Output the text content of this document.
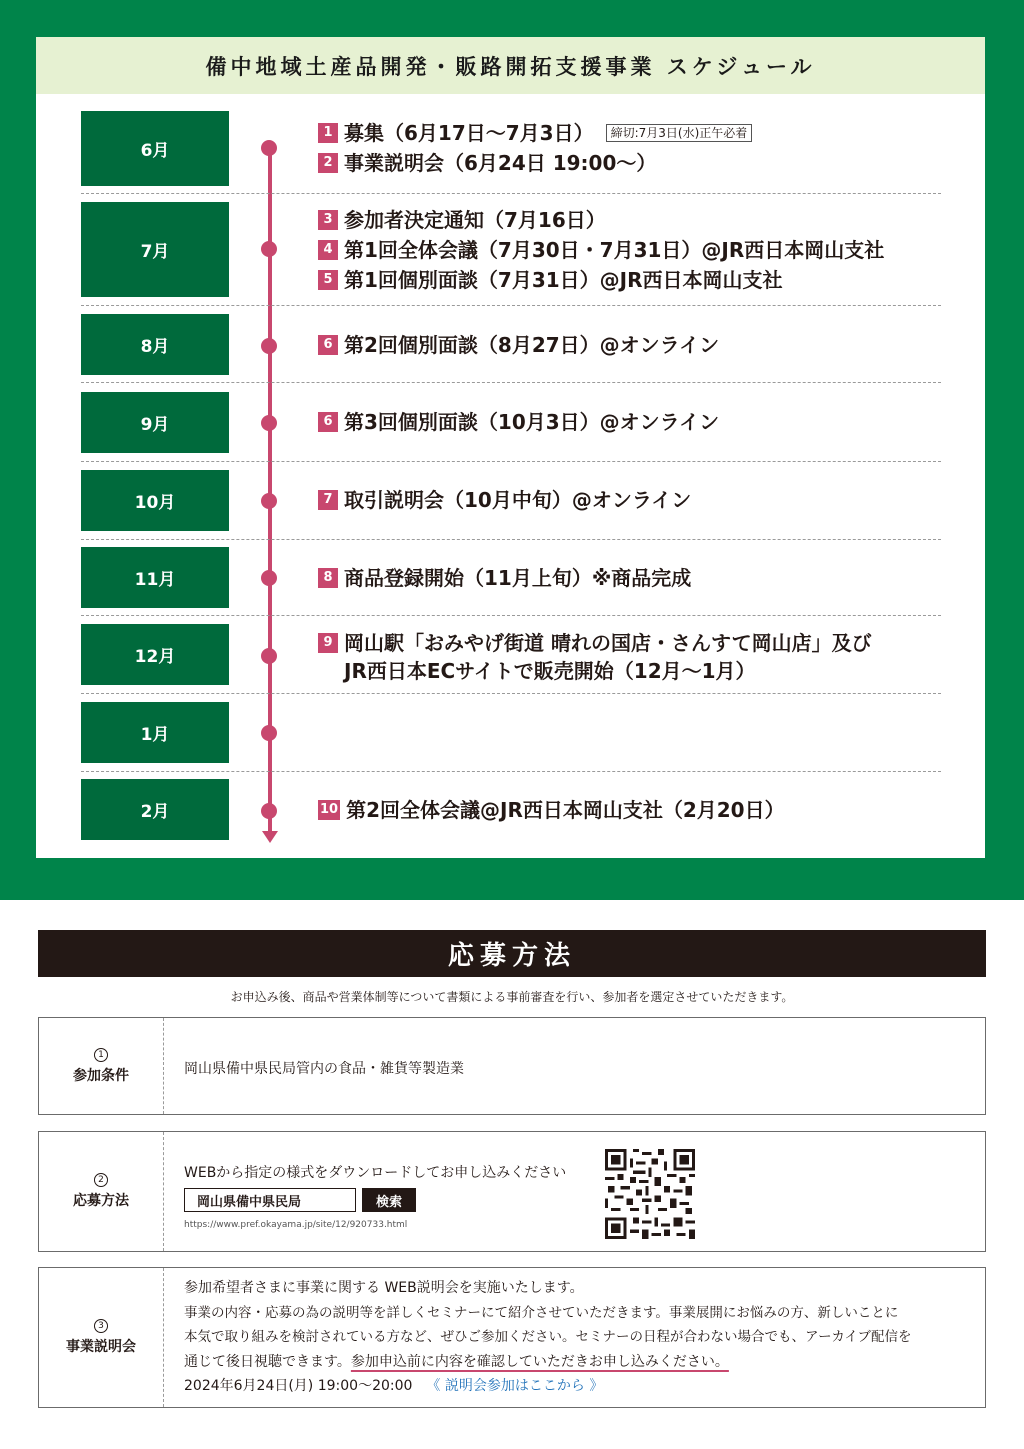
備中地域土産品開発・販路開拓支援事業 スケジュール
6月
1 募集（6月17日〜7月3日）	締切:7月3日(水)正午必着
2 事業説明会（6月24日 19:00〜）
7月
3 参加者決定通知（7月16日）
4 第1回全体会議（7月30日・7月31日）@JR西日本岡山支社
5 第1回個別面談（7月31日）@JR西日本岡山支社
8月	6 第2回個別面談（8月27日）@オンライン
9月	6 第3回個別面談（10月3日）@オンライン
10月	7 取引説明会（10月中旬）@オンライン
11月	8 商品登録開始（11月上旬）※商品完成
12月
9 岡山駅「おみやげ街道 晴れの国店・さんすて岡山店」及び
JR西日本ECサイトで販売開始（12月〜1月）
1月
2月	10 第2回全体会議@JR西日本岡山支社（2月20日）
応募方法
お申込み後、商品や営業体制等について書類による事前審査を行い、参加者を選定させていただきます。
1
参加条件	岡山県備中県民局管内の食品・雑貨等製造業
2
応募方法
WEBから指定の様式をダウンロードしてお申し込みください
岡山県備中県民局	検索
https://www.pref.okayama.jp/site/12/920733.html
3
事業説明会
参加希望者さまに事業に関する WEB説明会を実施いたします。
事業の内容・応募の為の説明等を詳しくセミナーにて紹介させていただきます。事業展開にお悩みの方、新しいことに
本気で取り組みを検討されている方など、ぜひご参加ください。セミナーの日程が合わない場合でも、アーカイブ配信を
通じて後日視聴できます。参加申込前に内容を確認していただきお申し込みください。
2024年6月24日(月) 19:00〜20:00 《 説明会参加はここから 》
